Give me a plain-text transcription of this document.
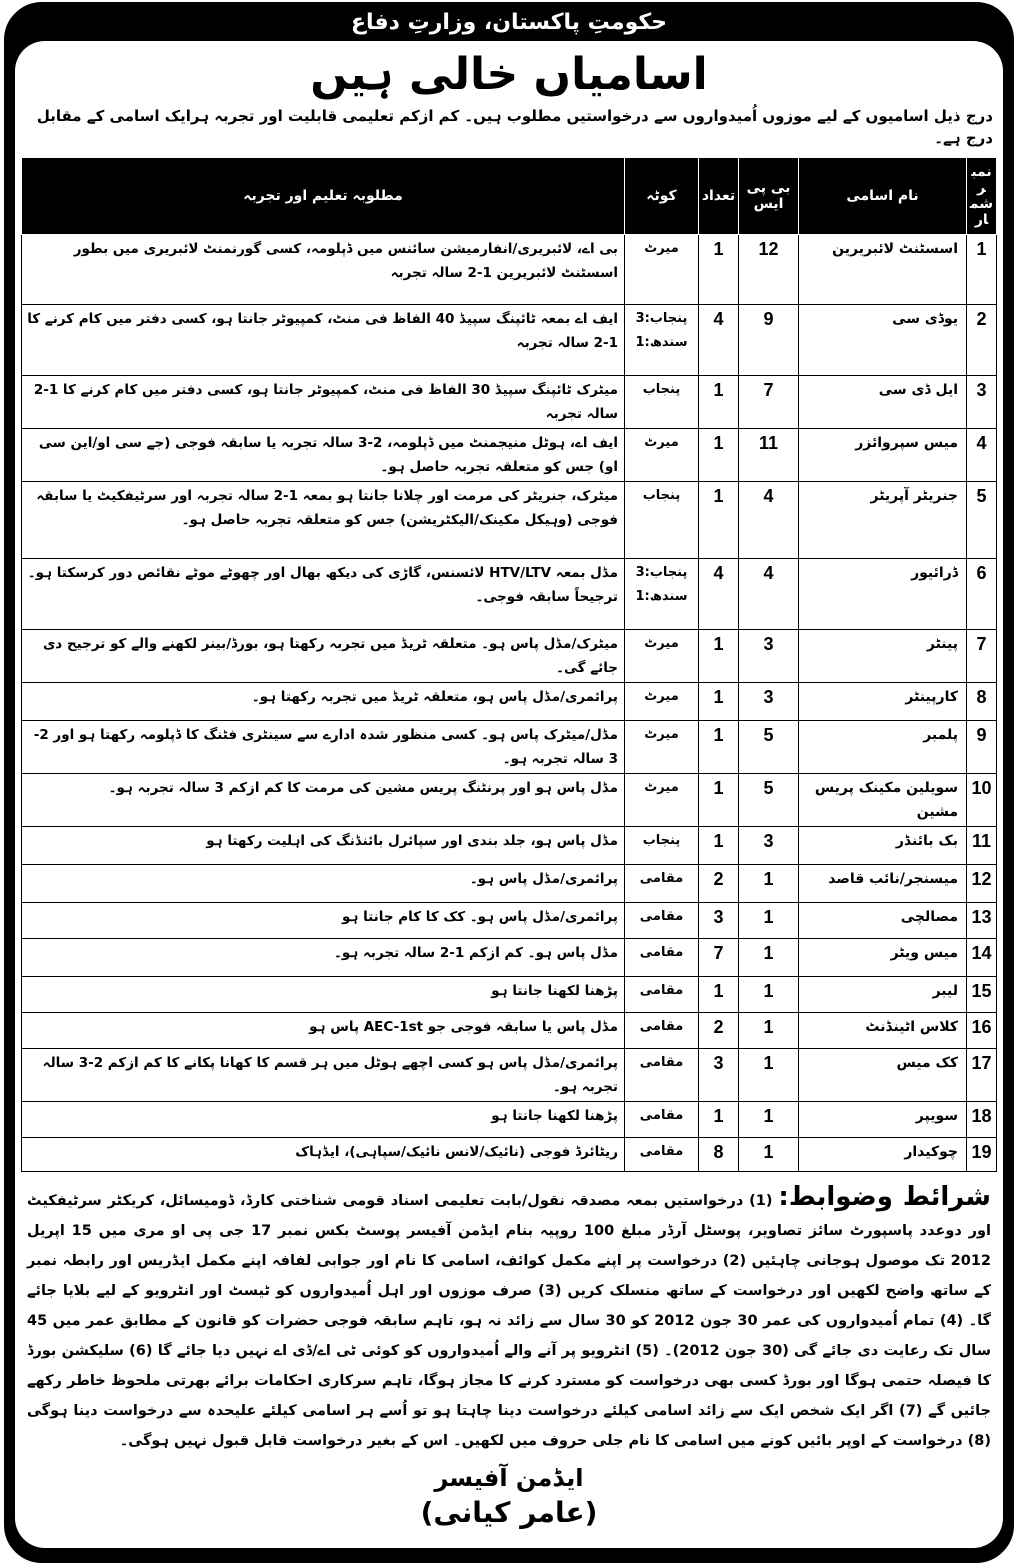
حکومتِ پاکستان، وزارتِ دفاع
اسامیاں خالی ہیں
درج ذیل اسامیوں کے لیے موزوں اُمیدواروں سے درخواستیں مطلوب ہیں۔ کم ازکم تعلیمی قابلیت اور تجربہ ہرایک اسامی کے مقابل درج ہے۔
نمبر شمار	نام اسامی	بی پی ایس	تعداد	کوٹہ	مطلوبہ تعلیم اور تجربہ
1	اسسٹنٹ لائبریرین	12	1	میرٹ	بی اے، لائبریری/انفارمیشن سائنس میں ڈپلومہ، کسی گورنمنٹ لائبریری میں بطور اسسٹنٹ لائبریرین 1-2 سالہ تجربہ
2	یوڈی سی	9	4	پنجاب:3 سندھ:1	ایف اے بمعہ ٹائپنگ سپیڈ 40 الفاظ فی منٹ، کمپیوٹر جانتا ہو، کسی دفتر میں کام کرنے کا 1-2 سالہ تجربہ
3	ایل ڈی سی	7	1	پنجاب	میٹرک ٹائپنگ سپیڈ 30 الفاظ فی منٹ، کمپیوٹر جانتا ہو، کسی دفتر میں کام کرنے کا 1-2 سالہ تجربہ
4	میس سپروائزر	11	1	میرٹ	ایف اے، ہوٹل منیجمنٹ میں ڈپلومہ، 2-3 سالہ تجربہ یا سابقہ فوجی (جے سی او/این سی او) جس کو متعلقہ تجربہ حاصل ہو۔
5	جنریٹر آپریٹر	4	1	پنجاب	میٹرک، جنریٹر کی مرمت اور چلانا جانتا ہو بمعہ 1-2 سالہ تجربہ اور سرٹیفکیٹ یا سابقہ فوجی (وہیکل مکینک/الیکٹریشن) جس کو متعلقہ تجربہ حاصل ہو۔
6	ڈرائیور	4	4	پنجاب:3 سندھ:1	مڈل بمعہ HTV/LTV لائسنس، گاڑی کی دیکھ بھال اور چھوٹے موٹے نقائص دور کرسکتا ہو۔ ترجیحاً سابقہ فوجی۔
7	پینٹر	3	1	میرٹ	میٹرک/مڈل پاس ہو۔ متعلقہ ٹریڈ میں تجربہ رکھتا ہو، بورڈ/بینر لکھنے والے کو ترجیح دی جائے گی۔
8	کارپینٹر	3	1	میرٹ	پرائمری/مڈل پاس ہو، متعلقہ ٹریڈ میں تجربہ رکھتا ہو۔
9	پلمبر	5	1	میرٹ	مڈل/میٹرک پاس ہو۔ کسی منظور شدہ ادارے سے سینٹری فٹنگ کا ڈپلومہ رکھتا ہو اور 2-3 سالہ تجربہ ہو۔
10	سویلین مکینک پریس مشین	5	1	میرٹ	مڈل پاس ہو اور پرنٹنگ پریس مشین کی مرمت کا کم ازکم 3 سالہ تجربہ ہو۔
11	بک بائنڈر	3	1	پنجاب	مڈل پاس ہو، جلد بندی اور سپائرل بائنڈنگ کی اہلیت رکھتا ہو
12	میسنجر/نائب قاصد	1	2	مقامی	پرائمری/مڈل پاس ہو۔
13	مصالچی	1	3	مقامی	پرائمری/مڈل پاس ہو۔ کک کا کام جانتا ہو
14	میس ویٹر	1	7	مقامی	مڈل پاس ہو۔ کم ازکم 1-2 سالہ تجربہ ہو۔
15	لیبر	1	1	مقامی	پڑھنا لکھنا جانتا ہو
16	کلاس اٹینڈنٹ	1	2	مقامی	مڈل پاس یا سابقہ فوجی جو AEC-1st پاس ہو
17	کک میس	1	3	مقامی	پرائمری/مڈل پاس ہو کسی اچھے ہوٹل میں ہر قسم کا کھانا پکانے کا کم ازکم 2-3 سالہ تجربہ ہو۔
18	سویپر	1	1	مقامی	پڑھنا لکھنا جانتا ہو
19	چوکیدار	1	8	مقامی	ریٹائرڈ فوجی (نائیک/لانس نائیک/سپاہی)، ایڈہاک
شرائط وضوابط: (1) درخواستیں بمعہ مصدقہ نقول/بابت تعلیمی اسناد قومی شناختی کارڈ، ڈومیسائل، کریکٹر سرٹیفکیٹ اور دوعدد پاسپورٹ سائز تصاویر، پوسٹل آرڈر مبلغ 100 روپیہ بنام ایڈمن آفیسر پوسٹ بکس نمبر 17 جی پی او مری میں 15 اپریل 2012 تک موصول ہوجانی چاہئیں (2) درخواست پر اپنے مکمل کوائف، اسامی کا نام اور جوابی لفافہ اپنے مکمل ایڈریس اور رابطہ نمبر کے ساتھ واضح لکھیں اور درخواست کے ساتھ منسلک کریں (3) صرف موزوں اور اہل اُمیدواروں کو ٹیسٹ اور انٹرویو کے لیے بلایا جائے گا۔ (4) تمام اُمیدواروں کی عمر 30 جون 2012 کو 30 سال سے زائد نہ ہو، تاہم سابقہ فوجی حضرات کو قانون کے مطابق عمر میں 45 سال تک رعایت دی جائے گی (30 جون 2012)۔ (5) انٹرویو پر آنے والے اُمیدواروں کو کوئی ٹی اے/ڈی اے نہیں دیا جائے گا (6) سلیکشن بورڈ کا فیصلہ حتمی ہوگا اور بورڈ کسی بھی درخواست کو مسترد کرنے کا مجاز ہوگا، تاہم سرکاری احکامات برائے بھرتی ملحوظ خاطر رکھے جائیں گے (7) اگر ایک شخص ایک سے زائد اسامی کیلئے درخواست دینا چاہتا ہو تو اُسے ہر اسامی کیلئے علیحدہ سے درخواست دینا ہوگی (8) درخواست کے اوپر بائیں کونے میں اسامی کا نام جلی حروف میں لکھیں۔ اس کے بغیر درخواست قابل قبول نہیں ہوگی۔
ایڈمن آفیسر
(عامر کیانی)
